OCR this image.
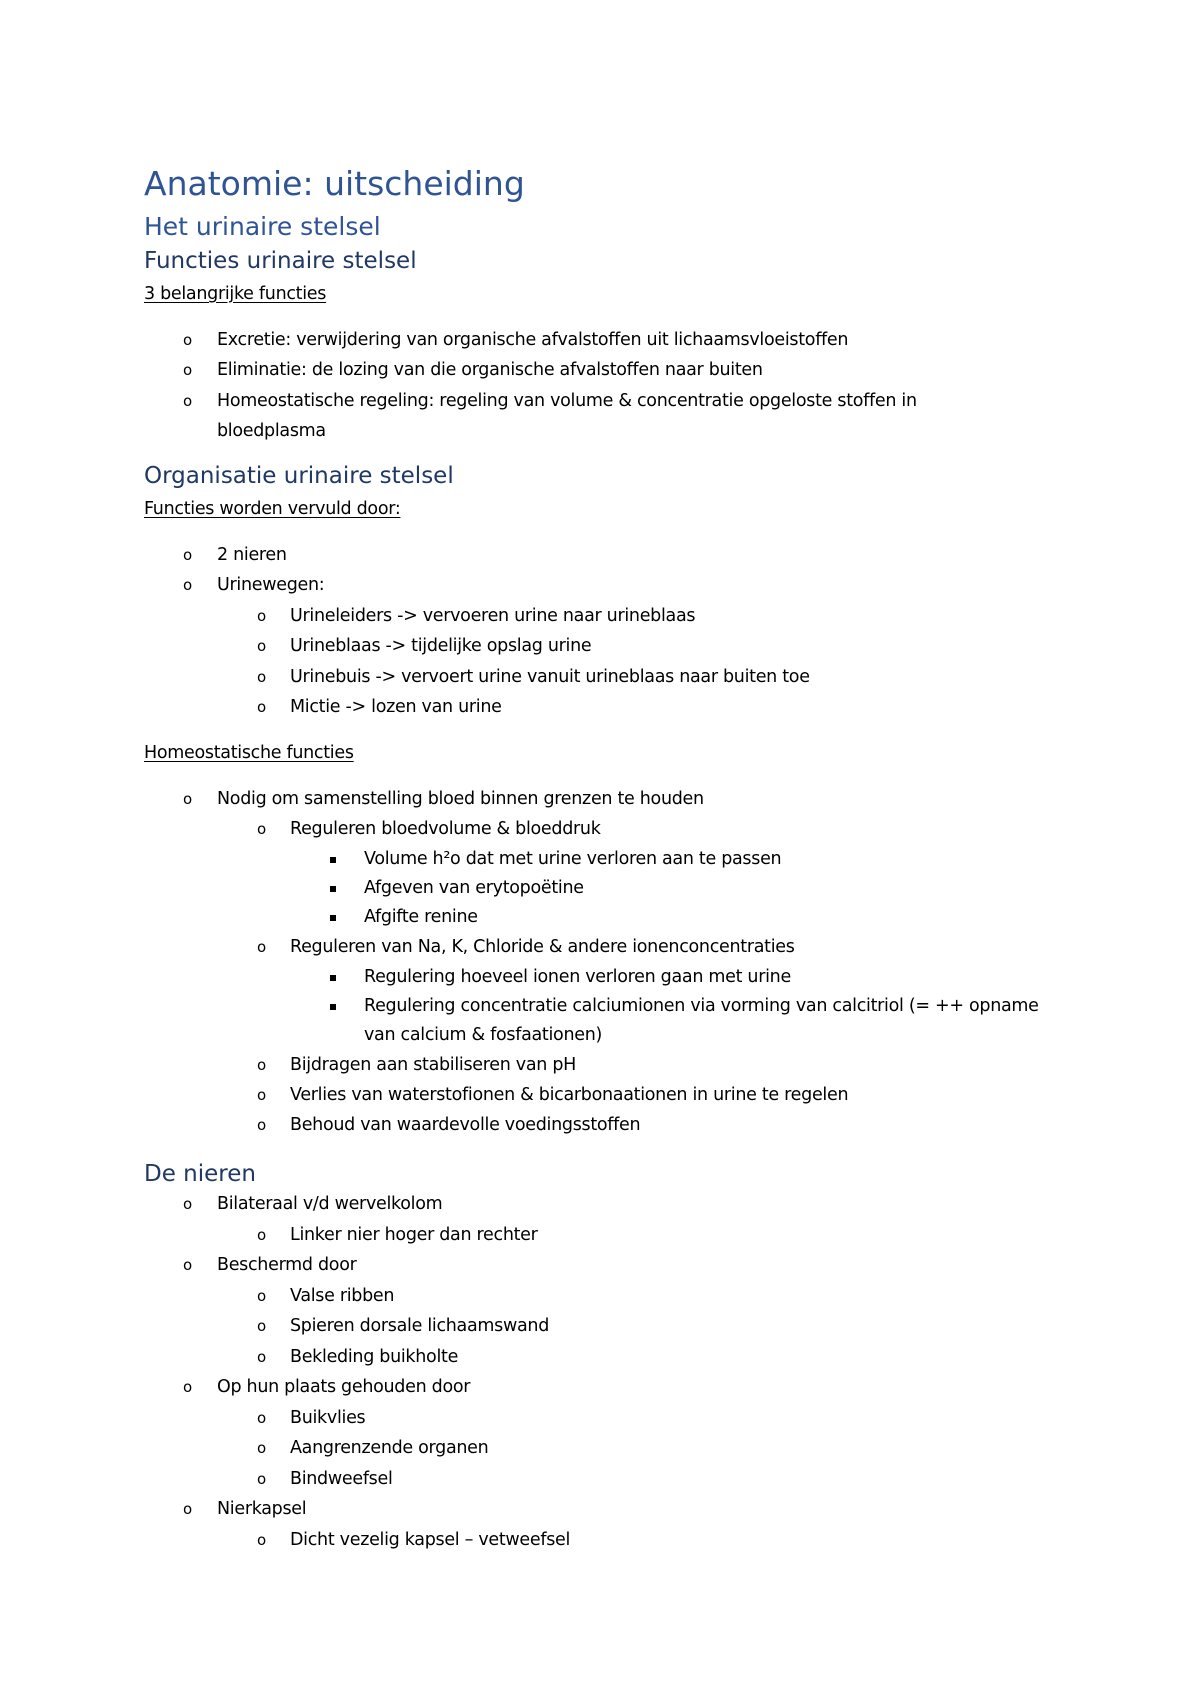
Anatomie: uitscheiding
Het urinaire stelsel
Functies urinaire stelsel
3 belangrijke functies
o Excretie: verwijdering van organische afvalstoffen uit lichaamsvloeistoffen
o Eliminatie: de lozing van die organische afvalstoffen naar buiten
o Homeostatische regeling: regeling van volume & concentratie opgeloste stoffen in
bloedplasma
Organisatie urinaire stelsel
Functies worden vervuld door:
o 2 nieren
o Urinewegen:
o Urineleiders -> vervoeren urine naar urineblaas
o Urineblaas -> tijdelijke opslag urine
o Urinebuis -> vervoert urine vanuit urineblaas naar buiten toe
o Mictie -> lozen van urine
Homeostatische functies
o Nodig om samenstelling bloed binnen grenzen te houden
o Reguleren bloedvolume & bloeddruk
Volume h²o dat met urine verloren aan te passen
Afgeven van erytopoëtine
Afgifte renine
o Reguleren van Na, K, Chloride & andere ionenconcentraties
Regulering hoeveel ionen verloren gaan met urine
Regulering concentratie calciumionen via vorming van calcitriol (= ++ opname
van calcium & fosfaationen)
o Bijdragen aan stabiliseren van pH
o Verlies van waterstofionen & bicarbonaationen in urine te regelen
o Behoud van waardevolle voedingsstoffen
De nieren
o Bilateraal v/d wervelkolom
o Linker nier hoger dan rechter
o Beschermd door
o Valse ribben
o Spieren dorsale lichaamswand
o Bekleding buikholte
o Op hun plaats gehouden door
o Buikvlies
o Aangrenzende organen
o Bindweefsel
o Nierkapsel
o Dicht vezelig kapsel – vetweefsel
